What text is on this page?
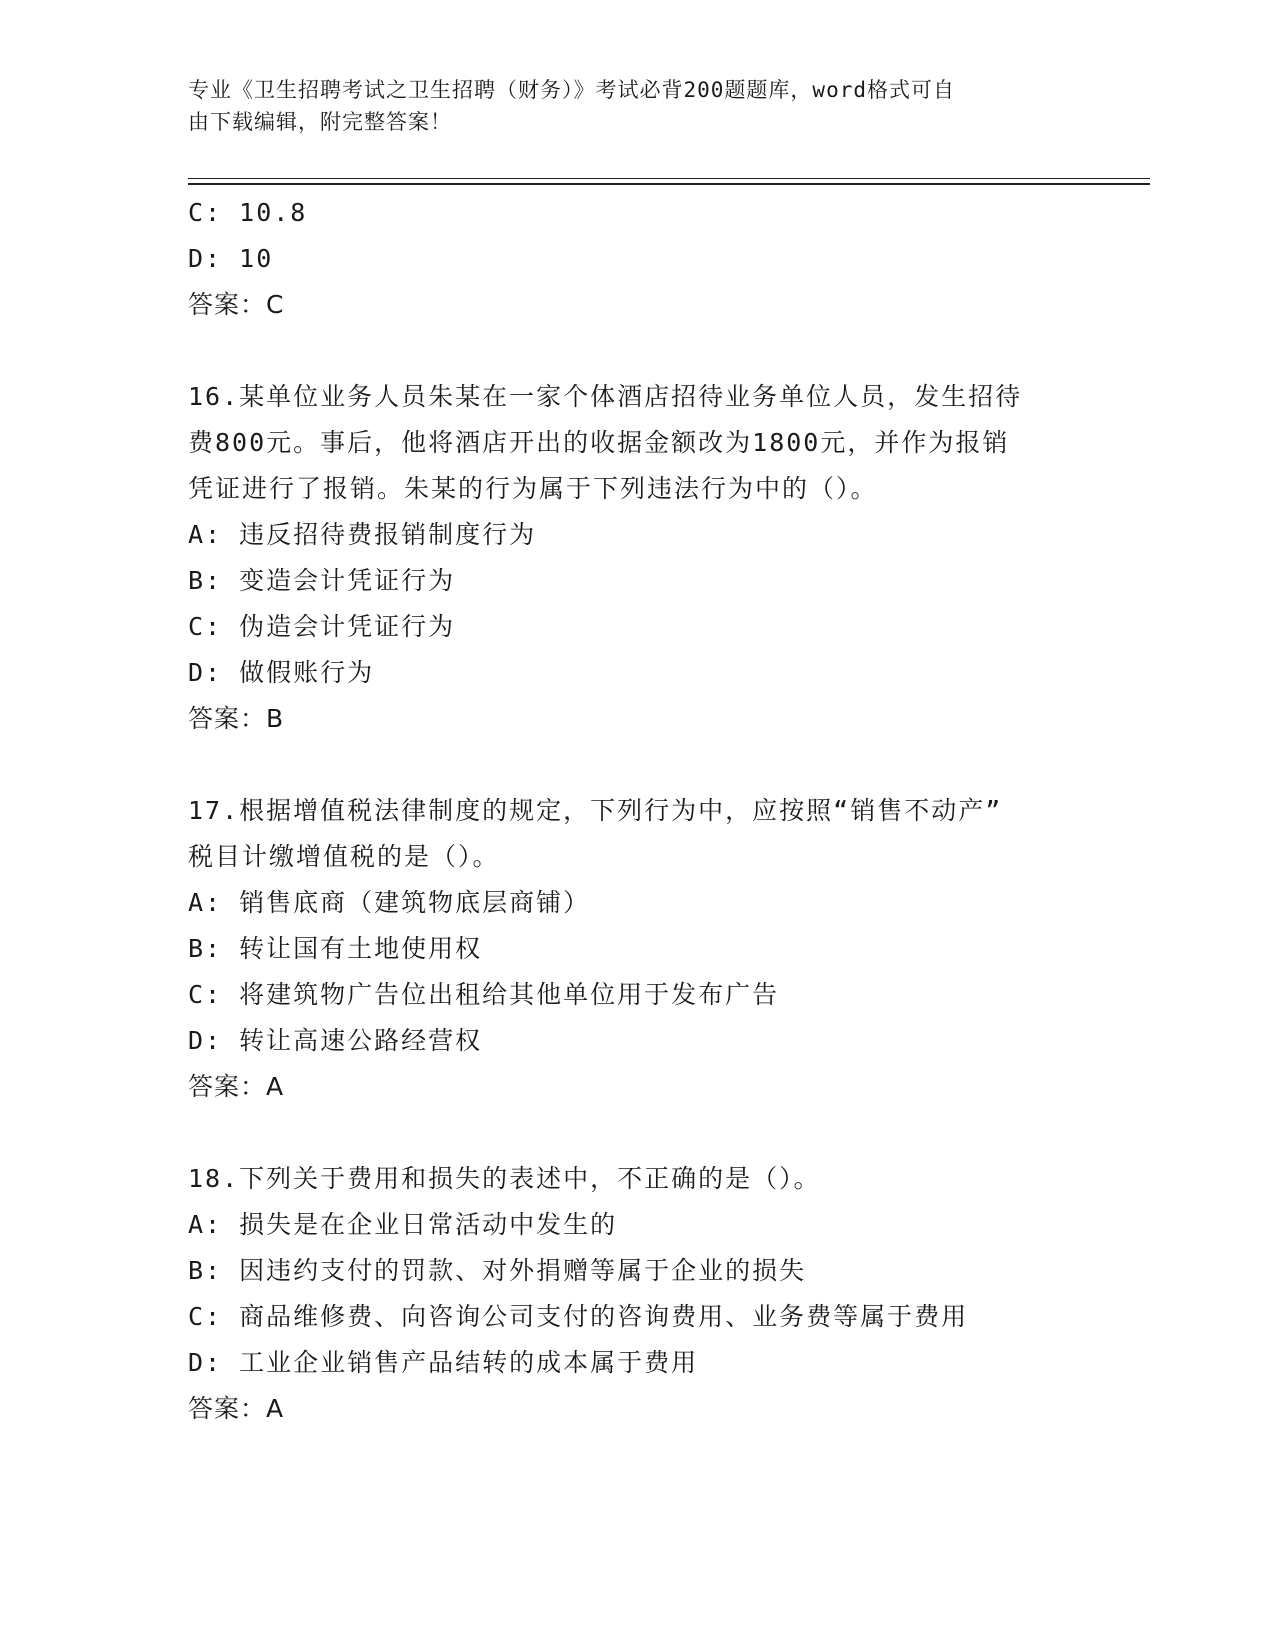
专业《卫生招聘考试之卫生招聘（财务）》考试必背200题题库，word格式可自
由下载编辑，附完整答案！
C: 10.8
D: 10
答案：C
16.某单位业务人员朱某在一家个体酒店招待业务单位人员，发生招待
费800元。事后，他将酒店开出的收据金额改为1800元，并作为报销
凭证进行了报销。朱某的行为属于下列违法行为中的（）。
A: 违反招待费报销制度行为
B: 变造会计凭证行为
C: 伪造会计凭证行为
D: 做假账行为
答案：B
17.根据增值税法律制度的规定，下列行为中，应按照“销售不动产”
税目计缴增值税的是（）。
A: 销售底商（建筑物底层商铺）
B: 转让国有土地使用权
C: 将建筑物广告位出租给其他单位用于发布广告
D: 转让高速公路经营权
答案：A
18.下列关于费用和损失的表述中，不正确的是（）。
A: 损失是在企业日常活动中发生的
B: 因违约支付的罚款、对外捐赠等属于企业的损失
C: 商品维修费、向咨询公司支付的咨询费用、业务费等属于费用
D: 工业企业销售产品结转的成本属于费用
答案：A
